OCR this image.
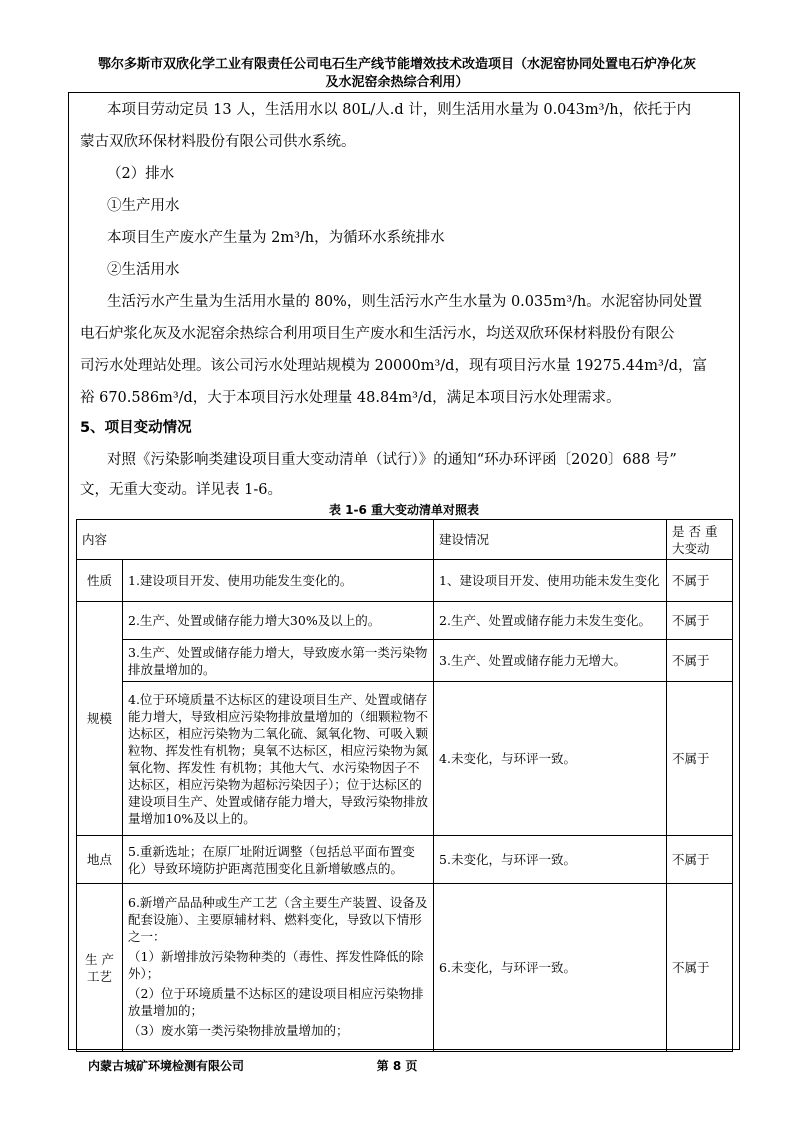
鄂尔多斯市双欣化学工业有限责任公司电石生产线节能增效技术改造项目（水泥窑协同处置电石炉净化灰
及水泥窑余热综合利用）
本项目劳动定员 13 人，生活用水以 80L/人.d 计，则生活用水量为 0.043m³/h，依托于内
蒙古双欣环保材料股份有限公司供水系统。
（2）排水
①生产用水
本项目生产废水产生量为 2m³/h，为循环水系统排水
②生活用水
生活污水产生量为生活用水量的 80%，则生活污水产生水量为 0.035m³/h。水泥窑协同处置
电石炉浆化灰及水泥窑余热综合利用项目生产废水和生活污水，均送双欣环保材料股份有限公
司污水处理站处理。该公司污水处理站规模为 20000m³/d，现有项目污水量 19275.44m³/d，富
裕 670.586m³/d，大于本项目污水处理量 48.84m³/d，满足本项目污水处理需求。
5、项目变动情况
对照《污染影响类建设项目重大变动清单（试行）》的通知“环办环评函〔2020〕688 号”
文，无重大变动。详见表 1-6。
表 1-6 重大变动清单对照表
内容		建设情况	是 否 重 大变动
性质	1.建设项目开发、使用功能发生变化的。	1、建设项目开发、使用功能未发生变化	不属于
规模	2.生产、处置或储存能力增大30%及以上的。	2.生产、处置或储存能力未发生变化。	不属于
	3.生产、处置或储存能力增大，导致废水第一类污染物排放量增加的。	3.生产、处置或储存能力无增大。	不属于
	4.位于环境质量不达标区的建设项目生产、处置或储存能力增大，导致相应污染物排放量增加的（细颗粒物不达标区，相应污染物为二氧化硫、氮氧化物、可吸入颗粒物、挥发性有机物；臭氧不达标区，相应污染物为氮氧化物、挥发性 有机物；其他大气、水污染物因子不达标区，相应污染物为超标污染因子）；位于达标区的建设项目生产、处置或储存能力增大，导致污染物排放量增加10%及以上的。	4.未变化，与环评一致。	不属于
地点	5.重新选址；在原厂址附近调整（包括总平面布置变化）导致环境防护距离范围变化且新增敏感点的。	5.未变化，与环评一致。	不属于
生 产工艺	6.新增产品品种或生产工艺（含主要生产装置、设备及配套设施）、主要原辅材料、燃料变化，导致以下情形之一：
（1）新增排放污染物种类的（毒性、挥发性降低的除外）；
（2）位于环境质量不达标区的建设项目相应污染物排放量增加的；
（3）废水第一类污染物排放量增加的；	6.未变化，与环评一致。	不属于
内蒙古城矿环境检测有限公司	第 8 页
